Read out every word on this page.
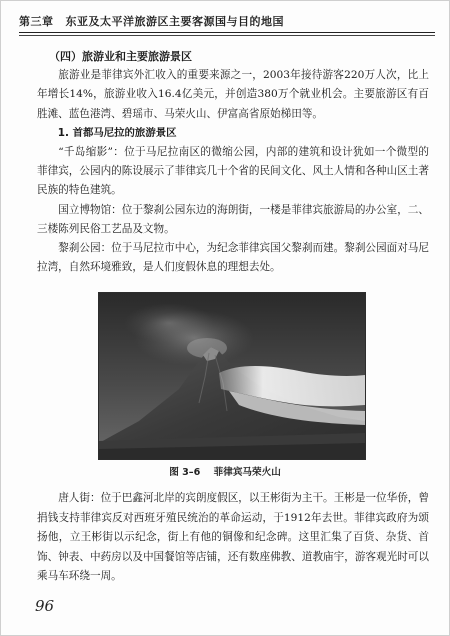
第三章 东亚及太平洋旅游区主要客源国与目的地国

（四）旅游业和主要旅游景区

旅游业是菲律宾外汇收入的重要来源之一，2003年接待游客220万人次，比上年增长14%，旅游业收入16.4亿美元，并创造380万个就业机会。主要旅游区有百胜滩、蓝色港湾、碧瑶市、马荣火山、伊富高省原始梯田等。

1. 首都马尼拉的旅游景区

“千岛缩影”：位于马尼拉南区的微缩公园，内部的建筑和设计犹如一个微型的菲律宾，公园内的陈设展示了菲律宾几十个省的民间文化、风土人情和各种山区土著民族的特色建筑。

国立博物馆：位于黎刹公园东边的海朗街，一楼是菲律宾旅游局的办公室，二、三楼陈列民俗工艺品及文物。

黎刹公园：位于马尼拉市中心，为纪念菲律宾国父黎刹而建。黎刹公园面对马尼拉湾，自然环境雅致，是人们度假休息的理想去处。

图 3–6 菲律宾马荣火山

唐人街：位于巴鑫河北岸的宾朗度假区，以王彬街为主干。王彬是一位华侨，曾捐钱支持菲律宾反对西班牙殖民统治的革命运动，于1912年去世。菲律宾政府为颂扬他，立王彬街以示纪念，街上有他的铜像和纪念碑。这里汇集了百货、杂货、首饰、钟表、中药房以及中国餐馆等店铺，还有数座佛教、道教庙宇，游客观光时可以乘马车环绕一周。

96
